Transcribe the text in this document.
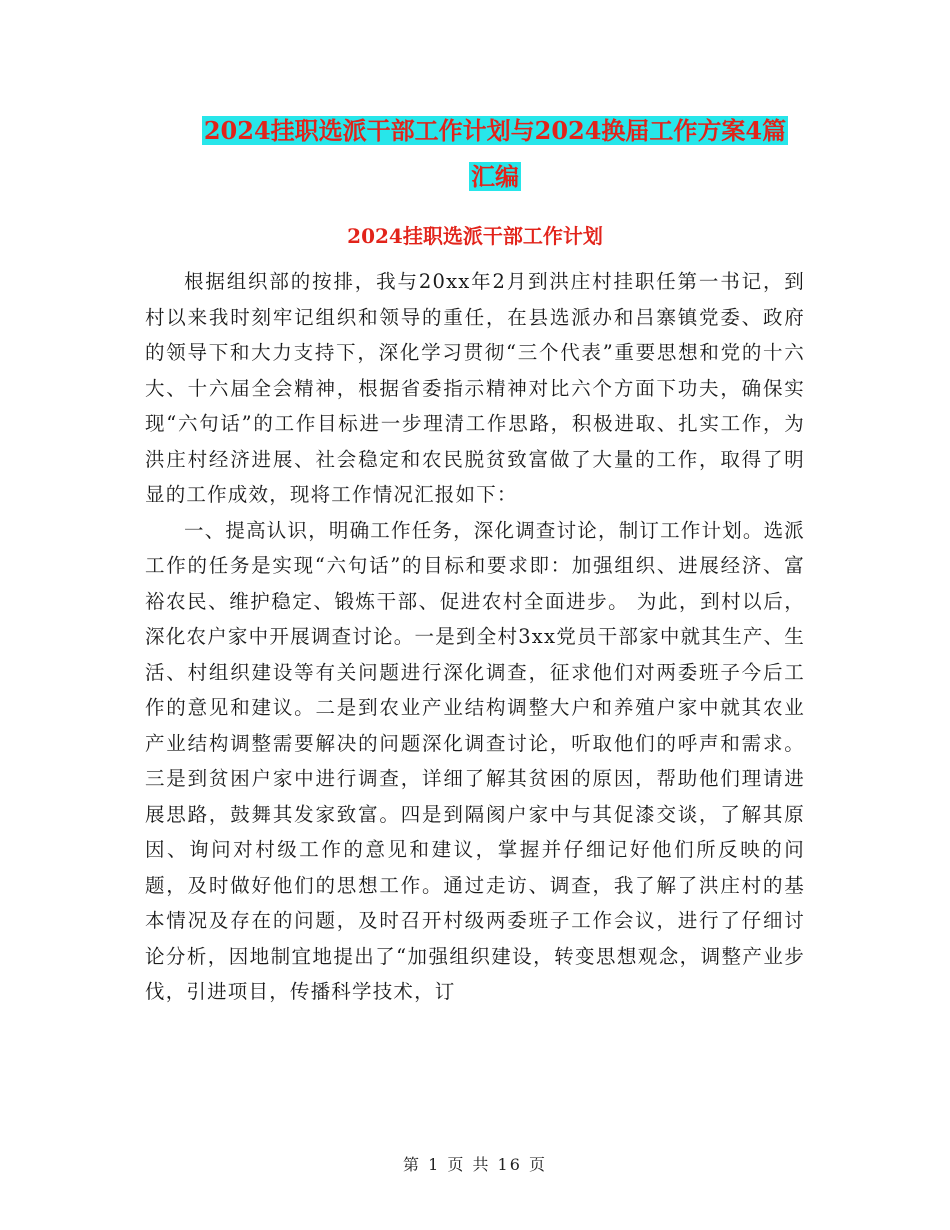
2024挂职选派干部工作计划与2024换届工作方案4篇
汇编
2024挂职选派干部工作计划

根据组织部的按排，我与20xx年2月到洪庄村挂职任第一书记，到村以来我时刻牢记组织和领导的重任，在县选派办和吕寨镇党委、政府的领导下和大力支持下，深化学习贯彻“三个代表”重要思想和党的十六大、十六届全会精神，根据省委指示精神对比六个方面下功夫，确保实现“六句话”的工作目标进一步理清工作思路，积极进取、扎实工作，为洪庄村经济进展、社会稳定和农民脱贫致富做了大量的工作，取得了明显的工作成效，现将工作情况汇报如下：

一、提高认识，明确工作任务，深化调查讨论，制订工作计划。选派工作的任务是实现“六句话”的目标和要求即：加强组织、进展经济、富裕农民、维护稳定、锻炼干部、促进农村全面进步。 为此，到村以后，深化农户家中开展调查讨论。一是到全村3xx党员干部家中就其生产、生活、村组织建设等有关问题进行深化调查，征求他们对两委班子今后工作的意见和建议。二是到农业产业结构调整大户和养殖户家中就其农业产业结构调整需要解决的问题深化调查讨论，听取他们的呼声和需求。三是到贫困户家中进行调查，详细了解其贫困的原因，帮助他们理请进展思路，鼓舞其发家致富。四是到隔阂户家中与其促漆交谈，了解其原因、询问对村级工作的意见和建议，掌握并仔细记好他们所反映的问题，及时做好他们的思想工作。通过走访、调查，我了解了洪庄村的基本情况及存在的问题，及时召开村级两委班子工作会议，进行了仔细讨论分析，因地制宜地提出了“加强组织建设，转变思想观念，调整产业步伐，引进项目，传播科学技术，订

第 1 页 共 16 页
